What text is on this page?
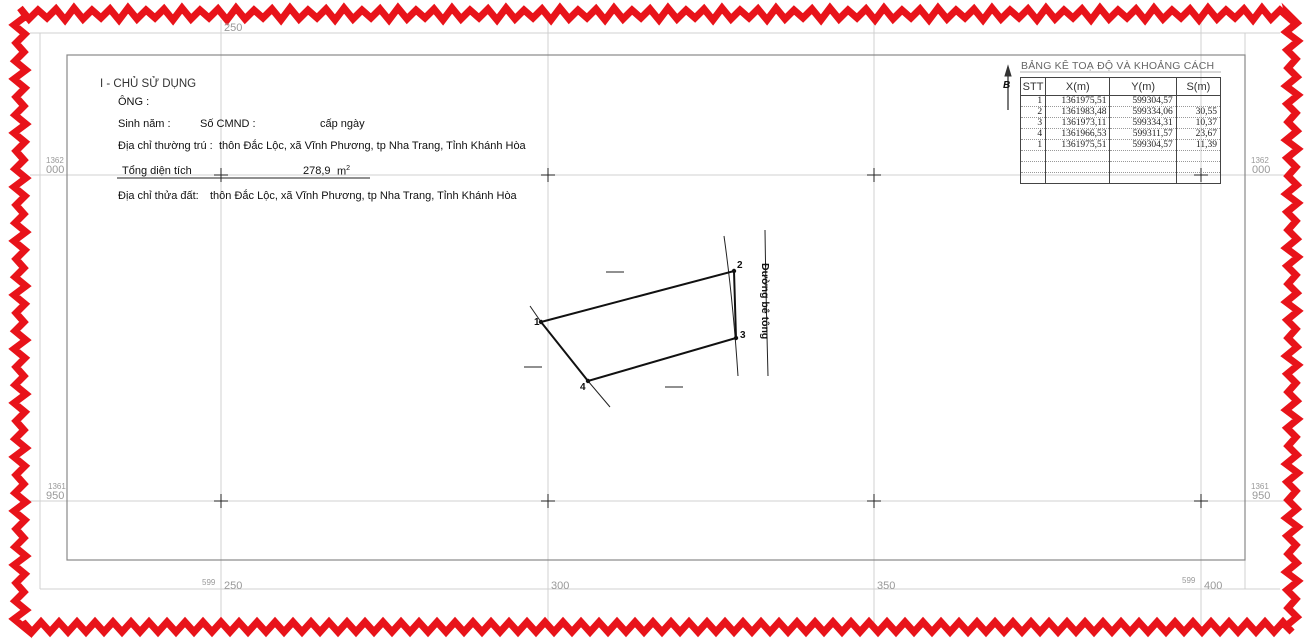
I - CHỦ SỬ DỤNG
ÔNG :
Sinh năm :	Số CMND :	cấp ngày
Địa chỉ thường trú : thôn Đắc Lộc, xã Vĩnh Phương, tp Nha Trang, Tỉnh Khánh Hòa
Tổng diện tích	278,9 $m^2$
Địa chỉ thửa đất: thôn Đắc Lộc, xã Vĩnh Phương, tp Nha Trang, Tỉnh Khánh Hòa
250
1362
000
1362
000
1361
950
1361
950
599 250	300	350	599 400
BẢNG KÊ TOẠ ĐỘ VÀ KHOẢNG CÁCH
B STT	X(m)	Y(m)	S(m)
1	1361975,51	599304,57	
2	1361983,48	599334,06	30,55
3	1361973,11	599334,31	10,37
4	1361966,53	599311,57	23,67
1	1361975,51	599304,57	11,39

1
2
3
4
Đường bê tông
